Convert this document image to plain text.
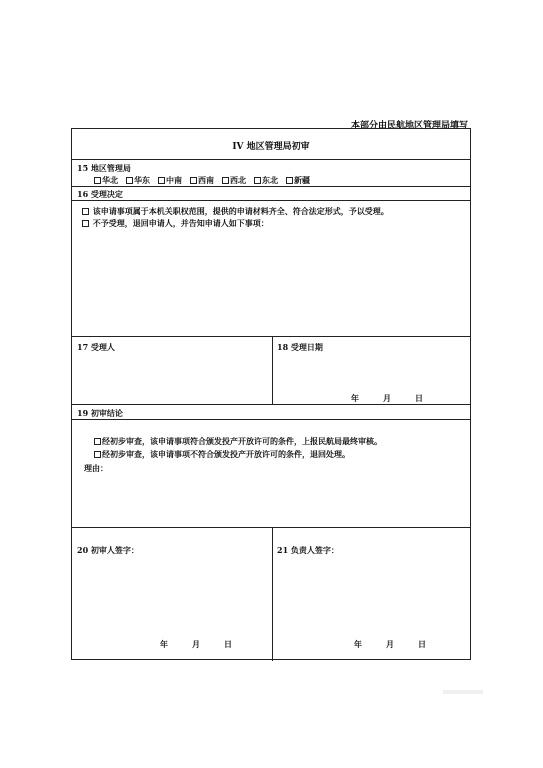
本部分由民航地区管理局填写
IV 地区管理局初审
15 地区管理局
华北 华东 中南 西南 西北 东北 新疆
16 受理决定

该申请事项属于本机关职权范围，提供的申请材料齐全、符合法定形式，予以受理。

不予受理，退回申请人，并告知申请人如下事项：
17 受理人	18 受理日期
年	月	日
19 初审结论
经初步审查，该申请事项符合颁发投产开放许可的条件，上报民航局最终审核。
经初步审查，该申请事项不符合颁发投产开放许可的条件，退回处理。
理由：
20 初审人签字：	21 负责人签字：
年	月	日	年	月	日
